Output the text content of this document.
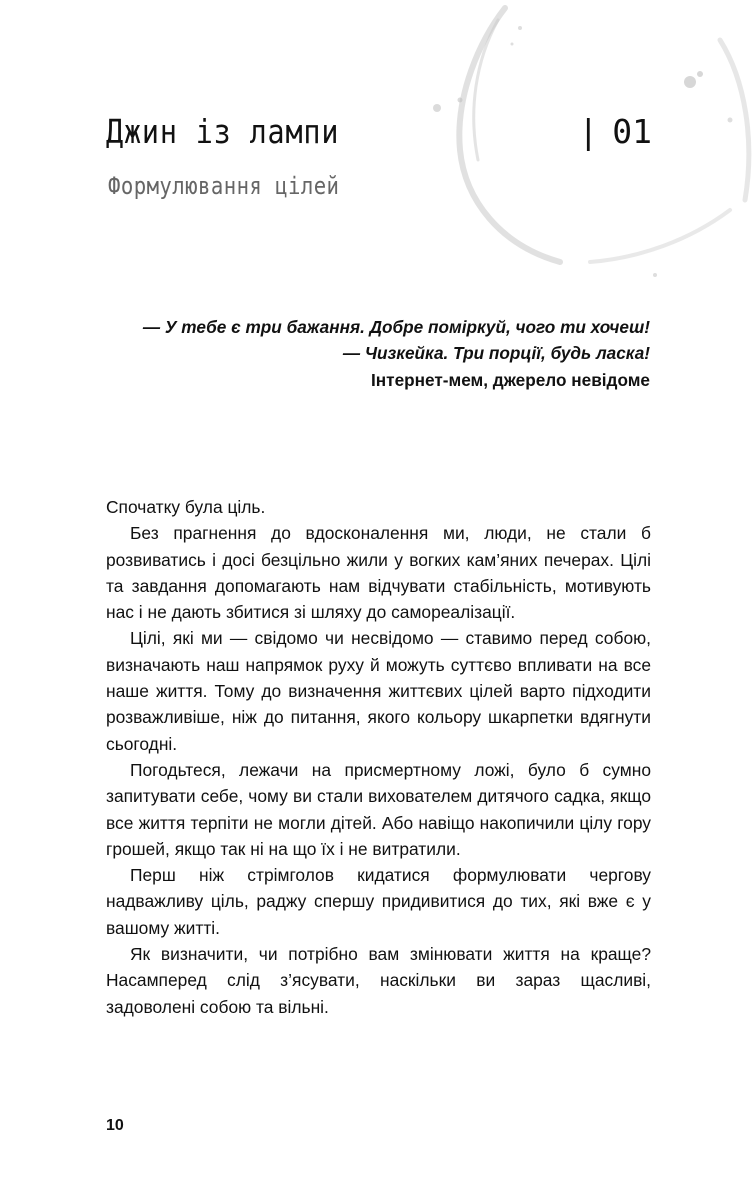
Джин із лампи	| 01
Формулювання цілей
— У тебе є три бажання. Добре поміркуй, чого ти хочеш!
— Чизкейка. Три порції, будь ласка!
Інтернет-мем, джерело невідоме

Спочатку була ціль.

Без прагнення до вдосконалення ми, люди, не стали б розвиватись і досі безцільно жили у вогких кам’яних печерах. Цілі та завдання допомагають нам відчувати стабільність, мотивують нас і не дають збитися зі шляху до самореалізації.

Цілі, які ми — свідомо чи несвідомо — ставимо перед собою, визначають наш напрямок руху й можуть суттєво впливати на все наше життя. Тому до визначення життєвих цілей варто підходити розважливіше, ніж до питання, якого кольору шкарпетки вдягнути сьогодні.

Погодьтеся, лежачи на присмертному ложі, було б сумно запитувати себе, чому ви стали вихователем дитячого садка, якщо все життя терпіти не могли дітей. Або навіщо накопичили цілу гору грошей, якщо так ні на що їх і не витратили.

Перш ніж стрімголов кидатися формулювати чергову надважливу ціль, раджу спершу придивитися до тих, які вже є у вашому житті.

Як визначити, чи потрібно вам змінювати життя на краще? Насамперед слід з’ясувати, наскільки ви зараз щасливі, задоволені собою та вільні.

10
